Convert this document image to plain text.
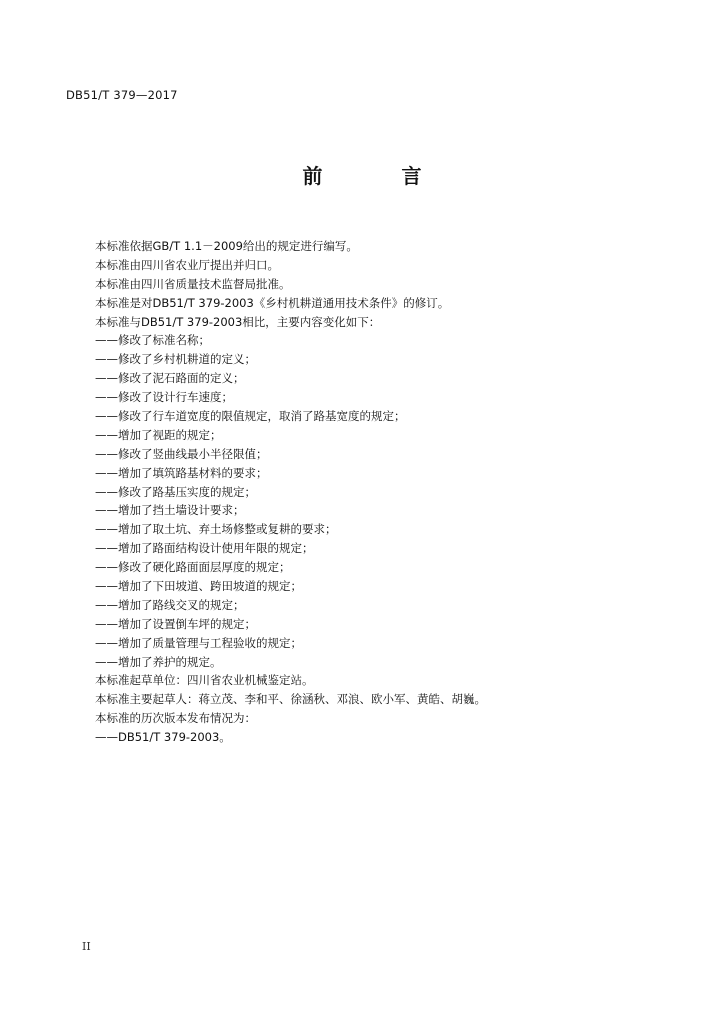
DB51/T 379—2017
前 言
本标准依据GB/T 1.1－2009给出的规定进行编写。
本标准由四川省农业厅提出并归口。
本标准由四川省质量技术监督局批准。
本标准是对DB51/T 379-2003《乡村机耕道通用技术条件》的修订。
本标准与DB51/T 379-2003相比，主要内容变化如下：
——修改了标准名称；
——修改了乡村机耕道的定义；
——修改了泥石路面的定义；
——修改了设计行车速度；
——修改了行车道宽度的限值规定，取消了路基宽度的规定；
——增加了视距的规定；
——修改了竖曲线最小半径限值；
——增加了填筑路基材料的要求；
——修改了路基压实度的规定；
——增加了挡土墙设计要求；
——增加了取土坑、弃土场修整或复耕的要求；
——增加了路面结构设计使用年限的规定；
——修改了硬化路面面层厚度的规定；
——增加了下田坡道、跨田坡道的规定；
——增加了路线交叉的规定；
——增加了设置倒车坪的规定；
——增加了质量管理与工程验收的规定；
——增加了养护的规定。
本标准起草单位：四川省农业机械鉴定站。
本标准主要起草人：蒋立茂、李和平、徐涵秋、邓浪、欧小军、黄皓、胡巍。
本标准的历次版本发布情况为：
——DB51/T 379-2003。
II
